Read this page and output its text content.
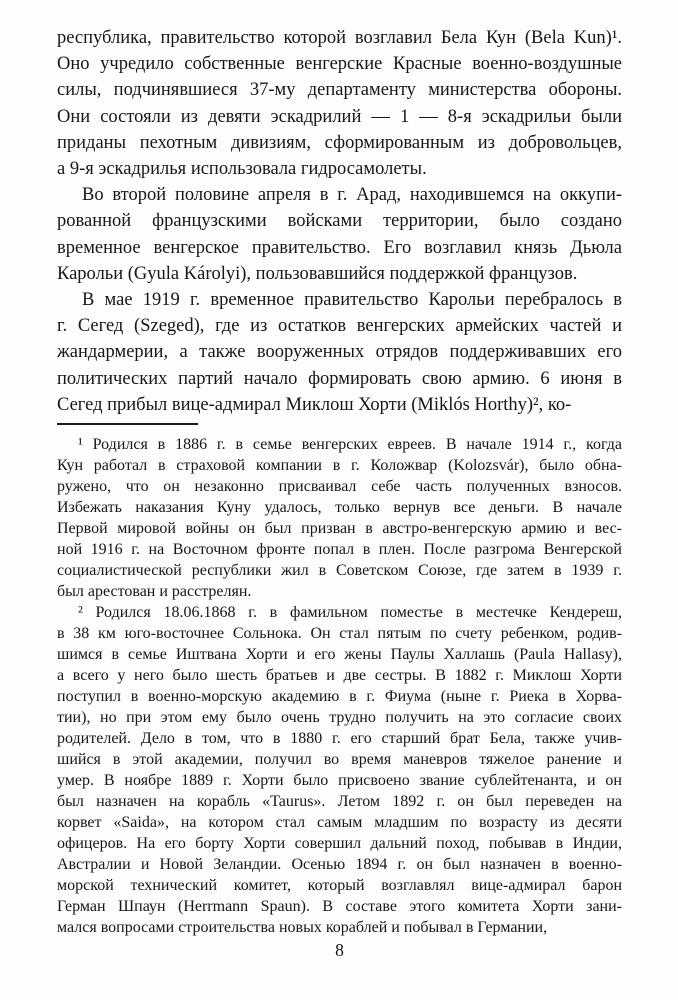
республика, правительство которой возглавил Бела Кун (Bela Kun)¹.
Оно учредило собственные венгерские Красные военно-воздушные
силы, подчинявшиеся 37-му департаменту министерства обороны.
Они состояли из девяти эскадрилий — 1 — 8-я эскадрильи были
приданы пехотным дивизиям, сформированным из добровольцев,
а 9-я эскадрилья использовала гидросамолеты.
Во второй половине апреля в г. Арад, находившемся на оккупи-
рованной французскими войсками территории, было создано
временное венгерское правительство. Его возглавил князь Дьюла
Карольи (Gyula Károlyi), пользовавшийся поддержкой французов.
В мае 1919 г. временное правительство Карольи перебралось в
г. Сегед (Szeged), где из остатков венгерских армейских частей и
жандармерии, а также вооруженных отрядов поддерживавших его
политических партий начало формировать свою армию. 6 июня в
Сегед прибыл вице-адмирал Миклош Хорти (Miklós Horthy)², ко-
¹ Родился в 1886 г. в семье венгерских евреев. В начале 1914 г., когда
Кун работал в страховой компании в г. Коложвар (Kolozsvár), было обна-
ружено, что он незаконно присваивал себе часть полученных взносов.
Избежать наказания Куну удалось, только вернув все деньги. В начале
Первой мировой войны он был призван в австро-венгерскую армию и вес-
ной 1916 г. на Восточном фронте попал в плен. После разгрома Венгерской
социалистической республики жил в Советском Союзе, где затем в 1939 г.
был арестован и расстрелян.
² Родился 18.06.1868 г. в фамильном поместье в местечке Кендереш,
в 38 км юго-восточнее Сольнока. Он стал пятым по счету ребенком, родив-
шимся в семье Иштвана Хорти и его жены Паулы Халлашь (Paula Hallasy),
а всего у него было шесть братьев и две сестры. В 1882 г. Миклош Хорти
поступил в военно-морскую академию в г. Фиума (ныне г. Риека в Хорва-
тии), но при этом ему было очень трудно получить на это согласие своих
родителей. Дело в том, что в 1880 г. его старший брат Бела, также учив-
шийся в этой академии, получил во время маневров тяжелое ранение и
умер. В ноябре 1889 г. Хорти было присвоено звание сублейтенанта, и он
был назначен на корабль «Taurus». Летом 1892 г. он был переведен на
корвет «Saida», на котором стал самым младшим по возрасту из десяти
офицеров. На его борту Хорти совершил дальний поход, побывав в Индии,
Австралии и Новой Зеландии. Осенью 1894 г. он был назначен в военно-
морской технический комитет, который возглавлял вице-адмирал барон
Герман Шпаун (Herrmann Spaun). В составе этого комитета Хорти зани-
мался вопросами строительства новых кораблей и побывал в Германии,
8
